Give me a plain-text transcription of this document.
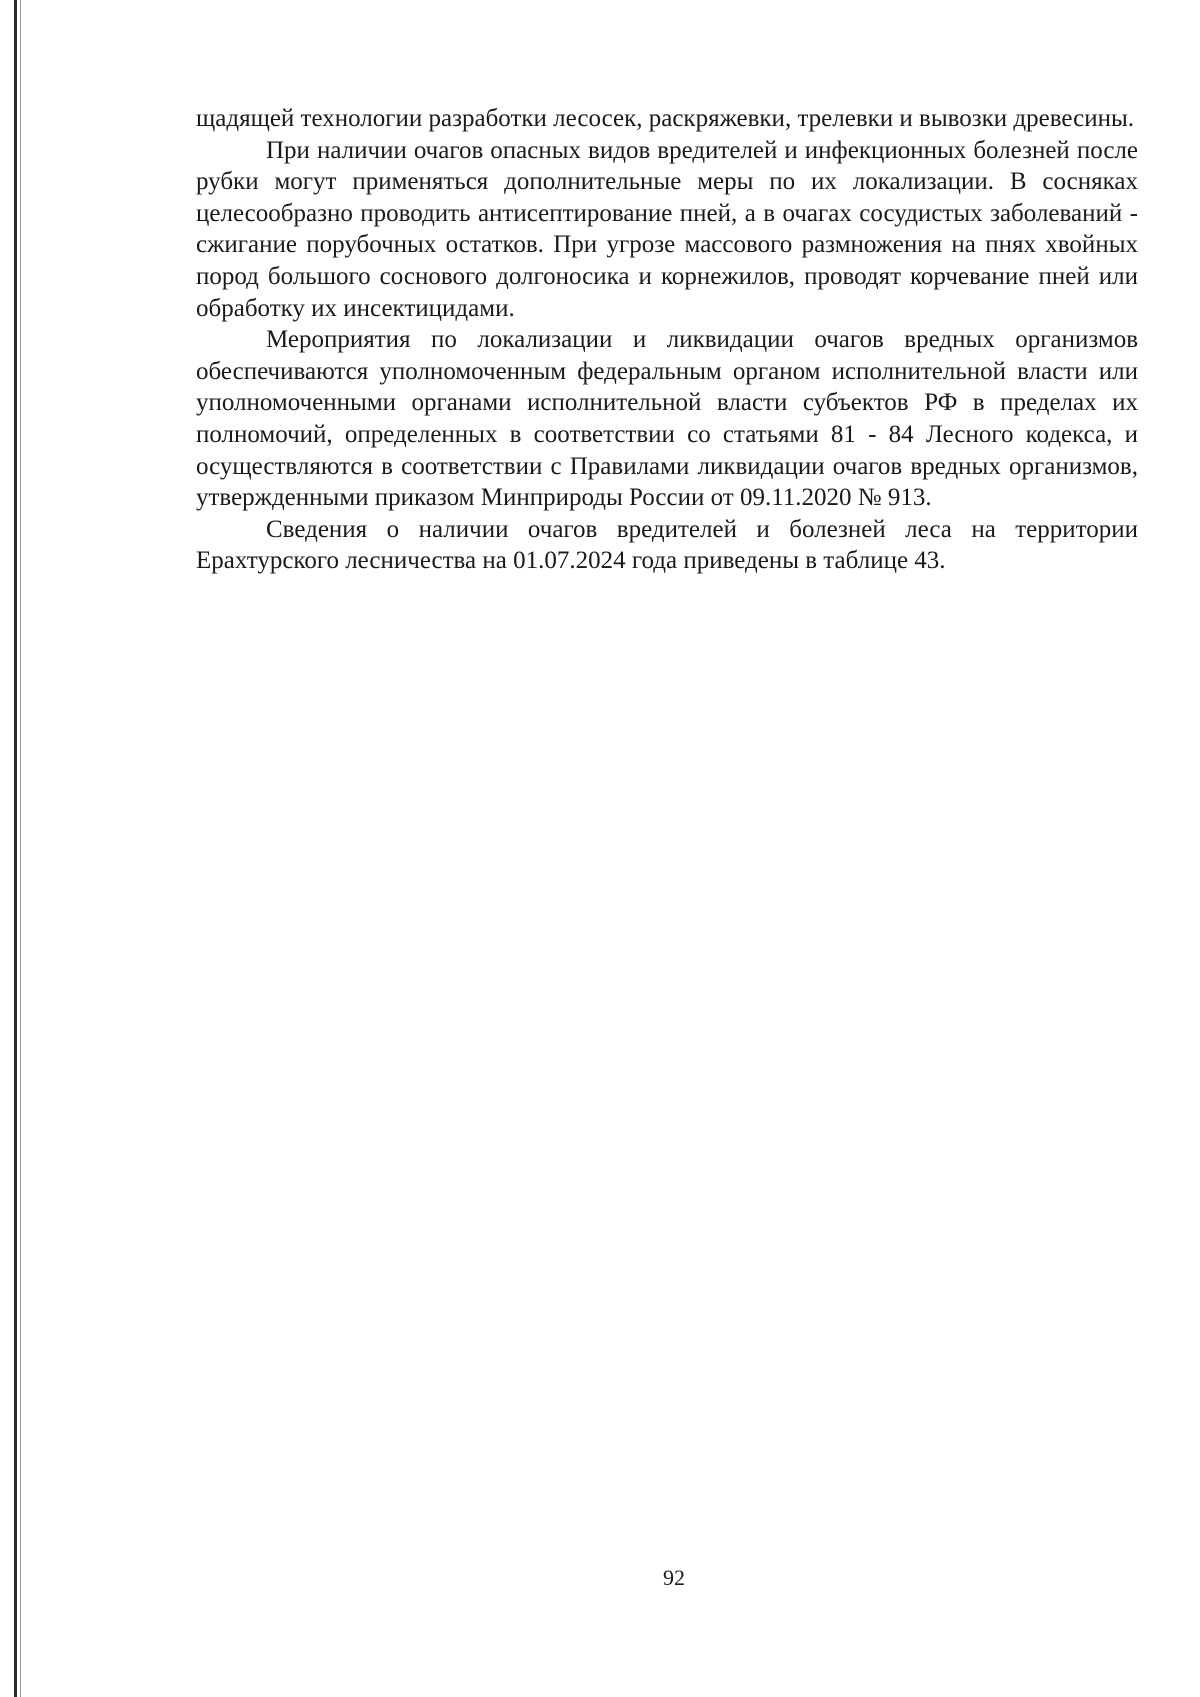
щадящей технологии разработки лесосек, раскряжевки, трелевки и вывозки древесины.

При наличии очагов опасных видов вредителей и инфекционных болезней после рубки могут применяться дополнительные меры по их локализации. В сосняках целесообразно проводить антисептирование пней, а в очагах сосудистых заболеваний - сжигание порубочных остатков. При угрозе массового размножения на пнях хвойных пород большого соснового долгоносика и корнежилов, проводят корчевание пней или обработку их инсектицидами.

Мероприятия по локализации и ликвидации очагов вредных организмов обеспечиваются уполномоченным федеральным органом исполнительной власти или уполномоченными органами исполнительной власти субъектов РФ в пределах их полномочий, определенных в соответствии со статьями 81 - 84 Лесного кодекса, и осуществляются в соответствии с Правилами ликвидации очагов вредных организмов, утвержденными приказом Минприроды России от 09.11.2020 № 913.

Сведения о наличии очагов вредителей и болезней леса на территории Ерахтурского лесничества на 01.07.2024 года приведены в таблице 43.

92
